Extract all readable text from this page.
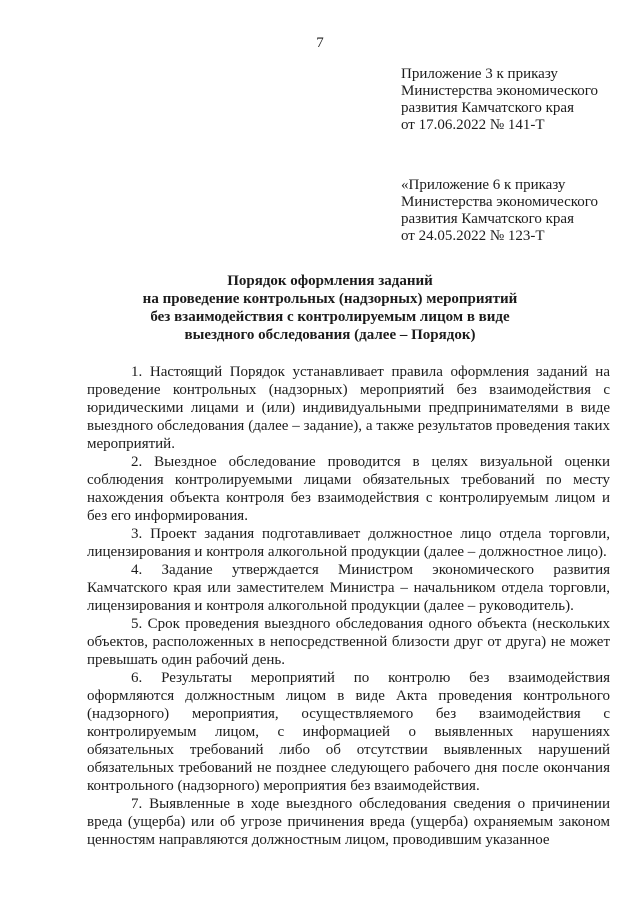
7
Приложение 3 к приказу
Министерства экономического
развития Камчатского края
от 17.06.2022 № 141-Т
«Приложение 6 к приказу
Министерства экономического
развития Камчатского края
от 24.05.2022 № 123-Т
Порядок оформления заданий
на проведение контрольных (надзорных) мероприятий
без взаимодействия с контролируемым лицом в виде
выездного обследования (далее – Порядок)

1. Настоящий Порядок устанавливает правила оформления заданий на проведение контрольных (надзорных) мероприятий без взаимодействия с юридическими лицами и (или) индивидуальными предпринимателями в виде выездного обследования (далее – задание), а также результатов проведения таких мероприятий.

2. Выездное обследование проводится в целях визуальной оценки соблюдения контролируемыми лицами обязательных требований по месту нахождения объекта контроля без взаимодействия с контролируемым лицом и без его информирования.

3. Проект задания подготавливает должностное лицо отдела торговли, лицензирования и контроля алкогольной продукции (далее – должностное лицо).

4. Задание утверждается Министром экономического развития Камчатского края или заместителем Министра – начальником отдела торговли, лицензирования и контроля алкогольной продукции (далее – руководитель).

5. Срок проведения выездного обследования одного объекта (нескольких объектов, расположенных в непосредственной близости друг от друга) не может превышать один рабочий день.

6. Результаты мероприятий по контролю без взаимодействия оформляются должностным лицом в виде Акта проведения контрольного (надзорного) мероприятия, осуществляемого без взаимодействия с контролируемым лицом, с информацией о выявленных нарушениях обязательных требований либо об отсутствии выявленных нарушений обязательных требований не позднее следующего рабочего дня после окончания контрольного (надзорного) мероприятия без взаимодействия.

7. Выявленные в ходе выездного обследования сведения о причинении вреда (ущерба) или об угрозе причинения вреда (ущерба) охраняемым законом ценностям направляются должностным лицом, проводившим указанное
